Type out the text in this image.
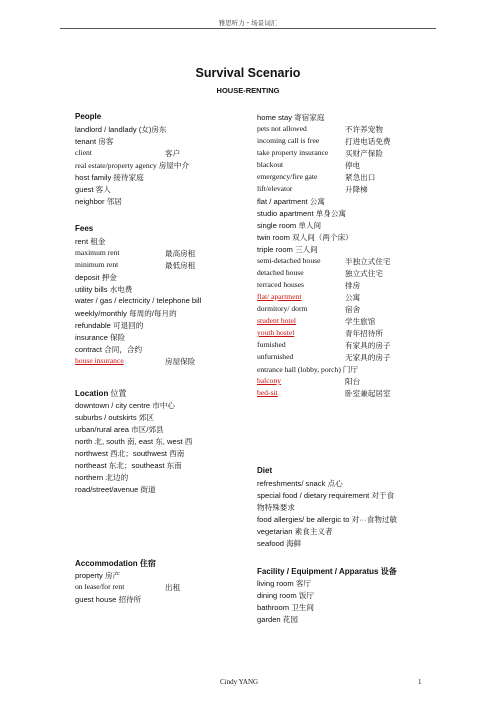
雅思听力・场景词汇
Survival Scenario
HOUSE-RENTING
People
landlord / landlady (女)房东
tenant 房客
client	客户
real estate/property agency 房屋中介
host family 接待家庭
guest 客人
neighbor 邻居
Fees
rent 租金
maximum rent	最高房租
minimum rent	最低房租
deposit 押金
utility bills 水电费
water / gas / electricity / telephone bill
weekly/monthly 每周的/每月的
refundable 可退回的
insurance 保险
contract 合同，合约
house insurance	房屋保险
Location 位置
downtown / city centre 市中心
suburbs / outskirts 郊区
urban/rural area 市区/郊县
north 北, south 南, east 东, west 西
northwest 西北；southwest 西南
northeast 东北；southeast 东南
northern 北边的
road/street/avenue 街道
Accommodation 住宿
property 房产
on lease/for rent	出租
guest house 招待所
home stay 寄宿家庭
pets not allowed	不许养宠物
incoming call is free	打进电话免费
take property insurance 买财产保险
blackout	停电
emergency/fire gate	紧急出口
lift/elevator	升降梯
flat / apartment 公寓
studio apartment 单身公寓
single room 单人间
twin room 双人间（两个床）
triple room 三人间
semi-detached house	半独立式住宅
detached house	独立式住宅
terraced houses	排房
flat/ apartment	公寓
dormitory/ dorm	宿舍
student hotel	学生旅馆
youth hostel	青年招待所
furnished	有家具的房子
unfurnished	无家具的房子
entrance hall (lobby, porch) 门厅
balcony	阳台
bed-sit	卧室兼起居室
Diet
refreshments/ snack 点心
special food / dietary requirement 对于食
物特殊要求
food allergies/ be allergic to 对···食物过敏
vegetarian 素食主义者
seafood 海鲜
Facility / Equipment / Apparatus 设备
living room 客厅
dining room 饭厅
bathroom 卫生间
garden 花园
Cindy YANG	1
